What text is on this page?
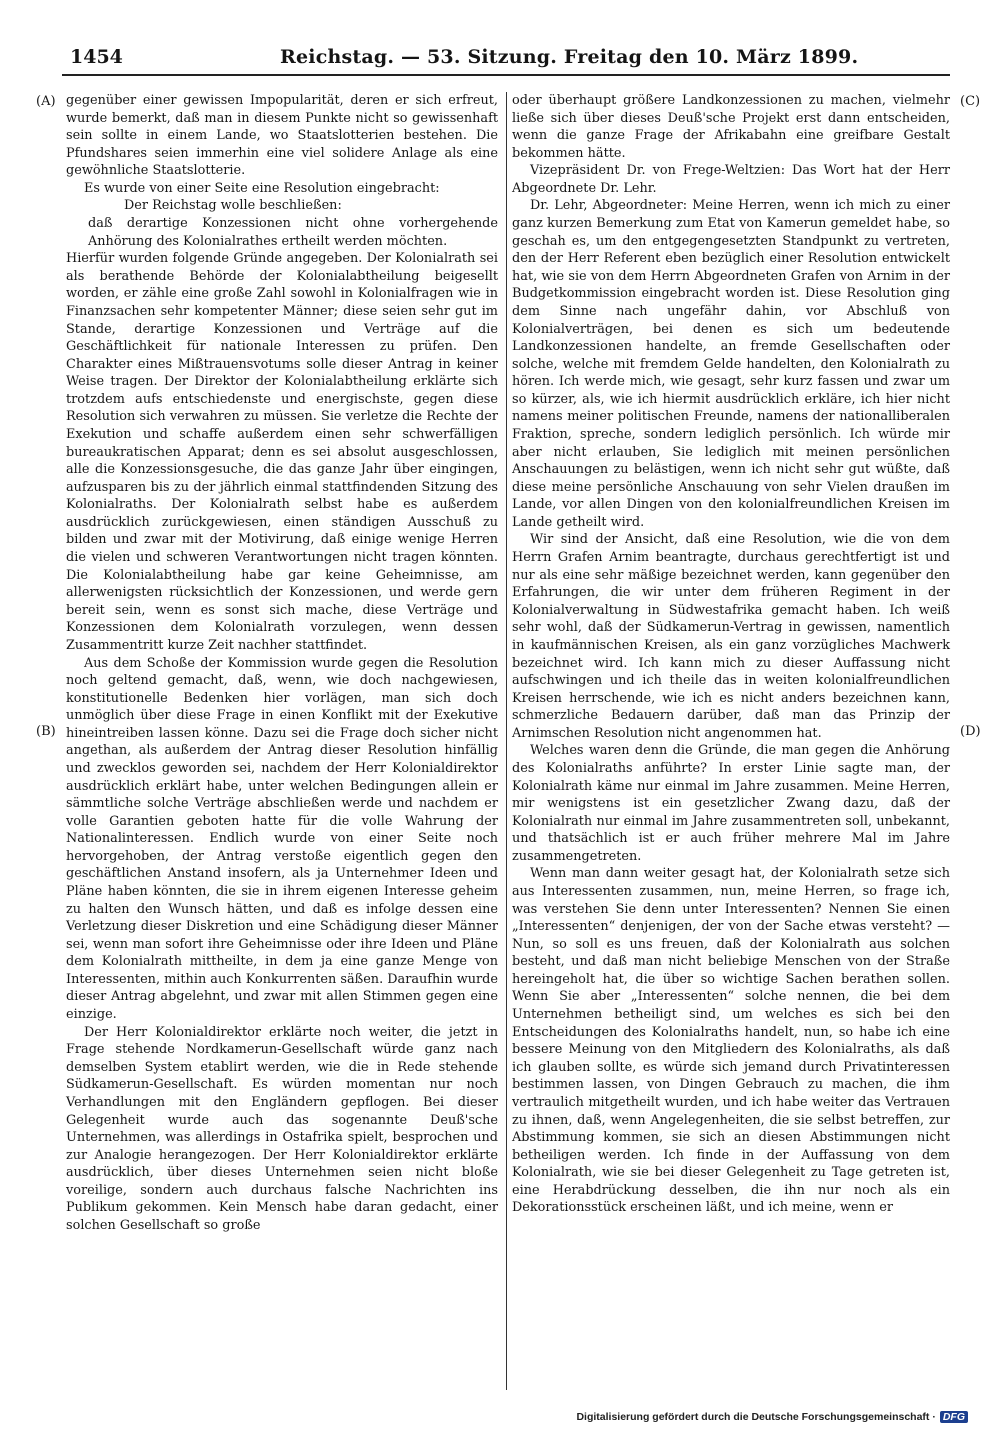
1454	Reichstag. — 53. Sitzung. Freitag den 10. März 1899.
(A)
(B)
(C)
(D)

gegenüber einer gewissen Impopularität, deren er sich erfreut, wurde bemerkt, daß man in diesem Punkte nicht so gewissenhaft sein sollte in einem Lande, wo Staatslotterien bestehen. Die Pfundshares seien immerhin eine viel solidere Anlage als eine gewöhnliche Staatslotterie.

Es wurde von einer Seite eine Resolution eingebracht:

Der Reichstag wolle beschließen:

daß derartige Konzessionen nicht ohne vorhergehende Anhörung des Kolonialrathes ertheilt werden möchten.

Hierfür wurden folgende Gründe angegeben. Der Kolonialrath sei als berathende Behörde der Kolonialabtheilung beigesellt worden, er zähle eine große Zahl sowohl in Kolonialfragen wie in Finanzsachen sehr kompetenter Männer; diese seien sehr gut im Stande, derartige Konzessionen und Verträge auf die Geschäftlichkeit für nationale Interessen zu prüfen. Den Charakter eines Mißtrauensvotums solle dieser Antrag in keiner Weise tragen. Der Direktor der Kolonialabtheilung erklärte sich trotzdem aufs entschiedenste und energischste, gegen diese Resolution sich verwahren zu müssen. Sie verletze die Rechte der Exekution und schaffe außerdem einen sehr schwerfälligen bureaukratischen Apparat; denn es sei absolut ausgeschlossen, alle die Konzessionsgesuche, die das ganze Jahr über eingingen, aufzusparen bis zu der jährlich einmal stattfindenden Sitzung des Kolonialraths. Der Kolonialrath selbst habe es außerdem ausdrücklich zurückgewiesen, einen ständigen Ausschuß zu bilden und zwar mit der Motivirung, daß einige wenige Herren die vielen und schweren Verantwortungen nicht tragen könnten. Die Kolonialabtheilung habe gar keine Geheimnisse, am allerwenigsten rücksichtlich der Konzessionen, und werde gern bereit sein, wenn es sonst sich mache, diese Verträge und Konzessionen dem Kolonialrath vorzulegen, wenn dessen Zusammentritt kurze Zeit nachher stattfindet.

Aus dem Schoße der Kommission wurde gegen die Resolution noch geltend gemacht, daß, wenn, wie doch nachgewiesen, konstitutionelle Bedenken hier vorlägen, man sich doch unmöglich über diese Frage in einen Konflikt mit der Exekutive hineintreiben lassen könne. Dazu sei die Frage doch sicher nicht angethan, als außerdem der Antrag dieser Resolution hinfällig und zwecklos geworden sei, nachdem der Herr Kolonialdirektor ausdrücklich erklärt habe, unter welchen Bedingungen allein er sämmtliche solche Verträge abschließen werde und nachdem er volle Garantien geboten hatte für die volle Wahrung der Nationalinteressen. Endlich wurde von einer Seite noch hervorgehoben, der Antrag verstoße eigentlich gegen den geschäftlichen Anstand insofern, als ja Unternehmer Ideen und Pläne haben könnten, die sie in ihrem eigenen Interesse geheim zu halten den Wunsch hätten, und daß es infolge dessen eine Verletzung dieser Diskretion und eine Schädigung dieser Männer sei, wenn man sofort ihre Geheimnisse oder ihre Ideen und Pläne dem Kolonialrath mittheilte, in dem ja eine ganze Menge von Interessenten, mithin auch Konkurrenten säßen. Daraufhin wurde dieser Antrag abgelehnt, und zwar mit allen Stimmen gegen eine einzige.

Der Herr Kolonialdirektor erklärte noch weiter, die jetzt in Frage stehende Nordkamerun-Gesellschaft würde ganz nach demselben System etablirt werden, wie die in Rede stehende Südkamerun-Gesellschaft. Es würden momentan nur noch Verhandlungen mit den Engländern gepflogen. Bei dieser Gelegenheit wurde auch das sogenannte Deuß'sche Unternehmen, was allerdings in Ostafrika spielt, besprochen und zur Analogie herangezogen. Der Herr Kolonialdirektor erklärte ausdrücklich, über dieses Unternehmen seien nicht bloße voreilige, sondern auch durchaus falsche Nachrichten ins Publikum gekommen. Kein Mensch habe daran gedacht, einer solchen Gesellschaft so große

oder überhaupt größere Landkonzessionen zu machen, vielmehr ließe sich über dieses Deuß'sche Projekt erst dann entscheiden, wenn die ganze Frage der Afrikabahn eine greifbare Gestalt bekommen hätte.

Vizepräsident Dr. von Frege-Weltzien: Das Wort hat der Herr Abgeordnete Dr. Lehr.

Dr. Lehr, Abgeordneter: Meine Herren, wenn ich mich zu einer ganz kurzen Bemerkung zum Etat von Kamerun gemeldet habe, so geschah es, um den entgegengesetzten Standpunkt zu vertreten, den der Herr Referent eben bezüglich einer Resolution entwickelt hat, wie sie von dem Herrn Abgeordneten Grafen von Arnim in der Budgetkommission eingebracht worden ist. Diese Resolution ging dem Sinne nach ungefähr dahin, vor Abschluß von Kolonialverträgen, bei denen es sich um bedeutende Landkonzessionen handelte, an fremde Gesellschaften oder solche, welche mit fremdem Gelde handelten, den Kolonialrath zu hören. Ich werde mich, wie gesagt, sehr kurz fassen und zwar um so kürzer, als, wie ich hiermit ausdrücklich erkläre, ich hier nicht namens meiner politischen Freunde, namens der nationalliberalen Fraktion, spreche, sondern lediglich persönlich. Ich würde mir aber nicht erlauben, Sie lediglich mit meinen persönlichen Anschauungen zu belästigen, wenn ich nicht sehr gut wüßte, daß diese meine persönliche Anschauung von sehr Vielen draußen im Lande, vor allen Dingen von den kolonialfreundlichen Kreisen im Lande getheilt wird.

Wir sind der Ansicht, daß eine Resolution, wie die von dem Herrn Grafen Arnim beantragte, durchaus gerechtfertigt ist und nur als eine sehr mäßige bezeichnet werden, kann gegenüber den Erfahrungen, die wir unter dem früheren Regiment in der Kolonialverwaltung in Südwestafrika gemacht haben. Ich weiß sehr wohl, daß der Südkamerun-Vertrag in gewissen, namentlich in kaufmännischen Kreisen, als ein ganz vorzügliches Machwerk bezeichnet wird. Ich kann mich zu dieser Auffassung nicht aufschwingen und ich theile das in weiten kolonialfreundlichen Kreisen herrschende, wie ich es nicht anders bezeichnen kann, schmerzliche Bedauern darüber, daß man das Prinzip der Arnimschen Resolution nicht angenommen hat.

Welches waren denn die Gründe, die man gegen die Anhörung des Kolonialraths anführte? In erster Linie sagte man, der Kolonialrath käme nur einmal im Jahre zusammen. Meine Herren, mir wenigstens ist ein gesetzlicher Zwang dazu, daß der Kolonialrath nur einmal im Jahre zusammentreten soll, unbekannt, und thatsächlich ist er auch früher mehrere Mal im Jahre zusammengetreten.

Wenn man dann weiter gesagt hat, der Kolonialrath setze sich aus Interessenten zusammen, nun, meine Herren, so frage ich, was verstehen Sie denn unter Interessenten? Nennen Sie einen „Interessenten“ denjenigen, der von der Sache etwas versteht? — Nun, so soll es uns freuen, daß der Kolonialrath aus solchen besteht, und daß man nicht beliebige Menschen von der Straße hereingeholt hat, die über so wichtige Sachen berathen sollen. Wenn Sie aber „Interessenten“ solche nennen, die bei dem Unternehmen betheiligt sind, um welches es sich bei den Entscheidungen des Kolonialraths handelt, nun, so habe ich eine bessere Meinung von den Mitgliedern des Kolonialraths, als daß ich glauben sollte, es würde sich jemand durch Privatinteressen bestimmen lassen, von Dingen Gebrauch zu machen, die ihm vertraulich mitgetheilt wurden, und ich habe weiter das Vertrauen zu ihnen, daß, wenn Angelegenheiten, die sie selbst betreffen, zur Abstimmung kommen, sie sich an diesen Abstimmungen nicht betheiligen werden. Ich finde in der Auffassung von dem Kolonialrath, wie sie bei dieser Gelegenheit zu Tage getreten ist, eine Herabdrückung desselben, die ihn nur noch als ein Dekorationsstück erscheinen läßt, und ich meine, wenn er

Digitalisierung gefördert durch die Deutsche Forschungsgemeinschaft · DFG
